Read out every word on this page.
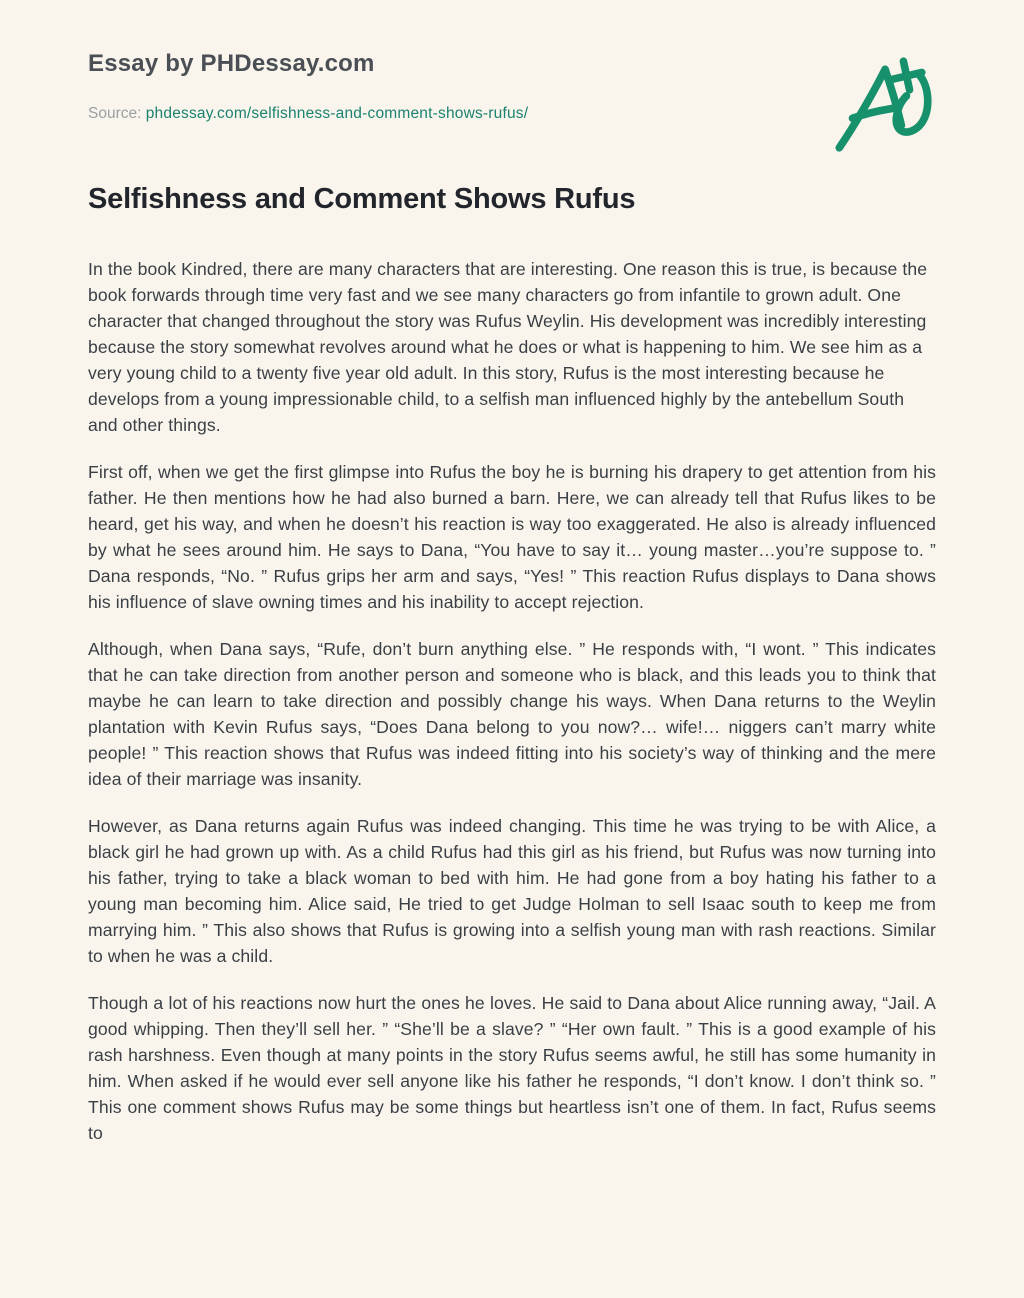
Essay by PHDessay.com

Source: phdessay.com/selfishness-and-comment-shows-rufus/

Selfishness and Comment Shows Rufus

In the book Kindred, there are many characters that are interesting. One reason this is true, is because the book forwards through time very fast and we see many characters go from infantile to grown adult. One character that changed throughout the story was Rufus Weylin. His development was incredibly interesting because the story somewhat revolves around what he does or what is happening to him. We see him as a very young child to a twenty five year old adult. In this story, Rufus is the most interesting because he develops from a young impressionable child, to a selfish man influenced highly by the antebellum South and other things.

First off, when we get the first glimpse into Rufus the boy he is burning his drapery to get attention from his father. He then mentions how he had also burned a barn. Here, we can already tell that Rufus likes to be heard, get his way, and when he doesn’t his reaction is way too exaggerated. He also is already influenced by what he sees around him. He says to Dana, “You have to say it… young master…you’re suppose to. ” Dana responds, “No. ” Rufus grips her arm and says, “Yes! ” This reaction Rufus displays to Dana shows his influence of slave owning times and his inability to accept rejection.

Although, when Dana says, “Rufe, don’t burn anything else. ” He responds with, “I wont. ” This indicates that he can take direction from another person and someone who is black, and this leads you to think that maybe he can learn to take direction and possibly change his ways. When Dana returns to the Weylin plantation with Kevin Rufus says, “Does Dana belong to you now?… wife!… niggers can’t marry white people! ” This reaction shows that Rufus was indeed fitting into his society’s way of thinking and the mere idea of their marriage was insanity.

However, as Dana returns again Rufus was indeed changing. This time he was trying to be with Alice, a black girl he had grown up with. As a child Rufus had this girl as his friend, but Rufus was now turning into his father, trying to take a black woman to bed with him. He had gone from a boy hating his father to a young man becoming him. Alice said, He tried to get Judge Holman to sell Isaac south to keep me from marrying him. ” This also shows that Rufus is growing into a selfish young man with rash reactions. Similar to when he was a child.

Though a lot of his reactions now hurt the ones he loves. He said to Dana about Alice running away, “Jail. A good whipping. Then they’ll sell her. ” “She’ll be a slave? ” “Her own fault. ” This is a good example of his rash harshness. Even though at many points in the story Rufus seems awful, he still has some humanity in him. When asked if he would ever sell anyone like his father he responds, “I don’t know. I don’t think so. ” This one comment shows Rufus may be some things but heartless isn’t one of them. In fact, Rufus seems to
